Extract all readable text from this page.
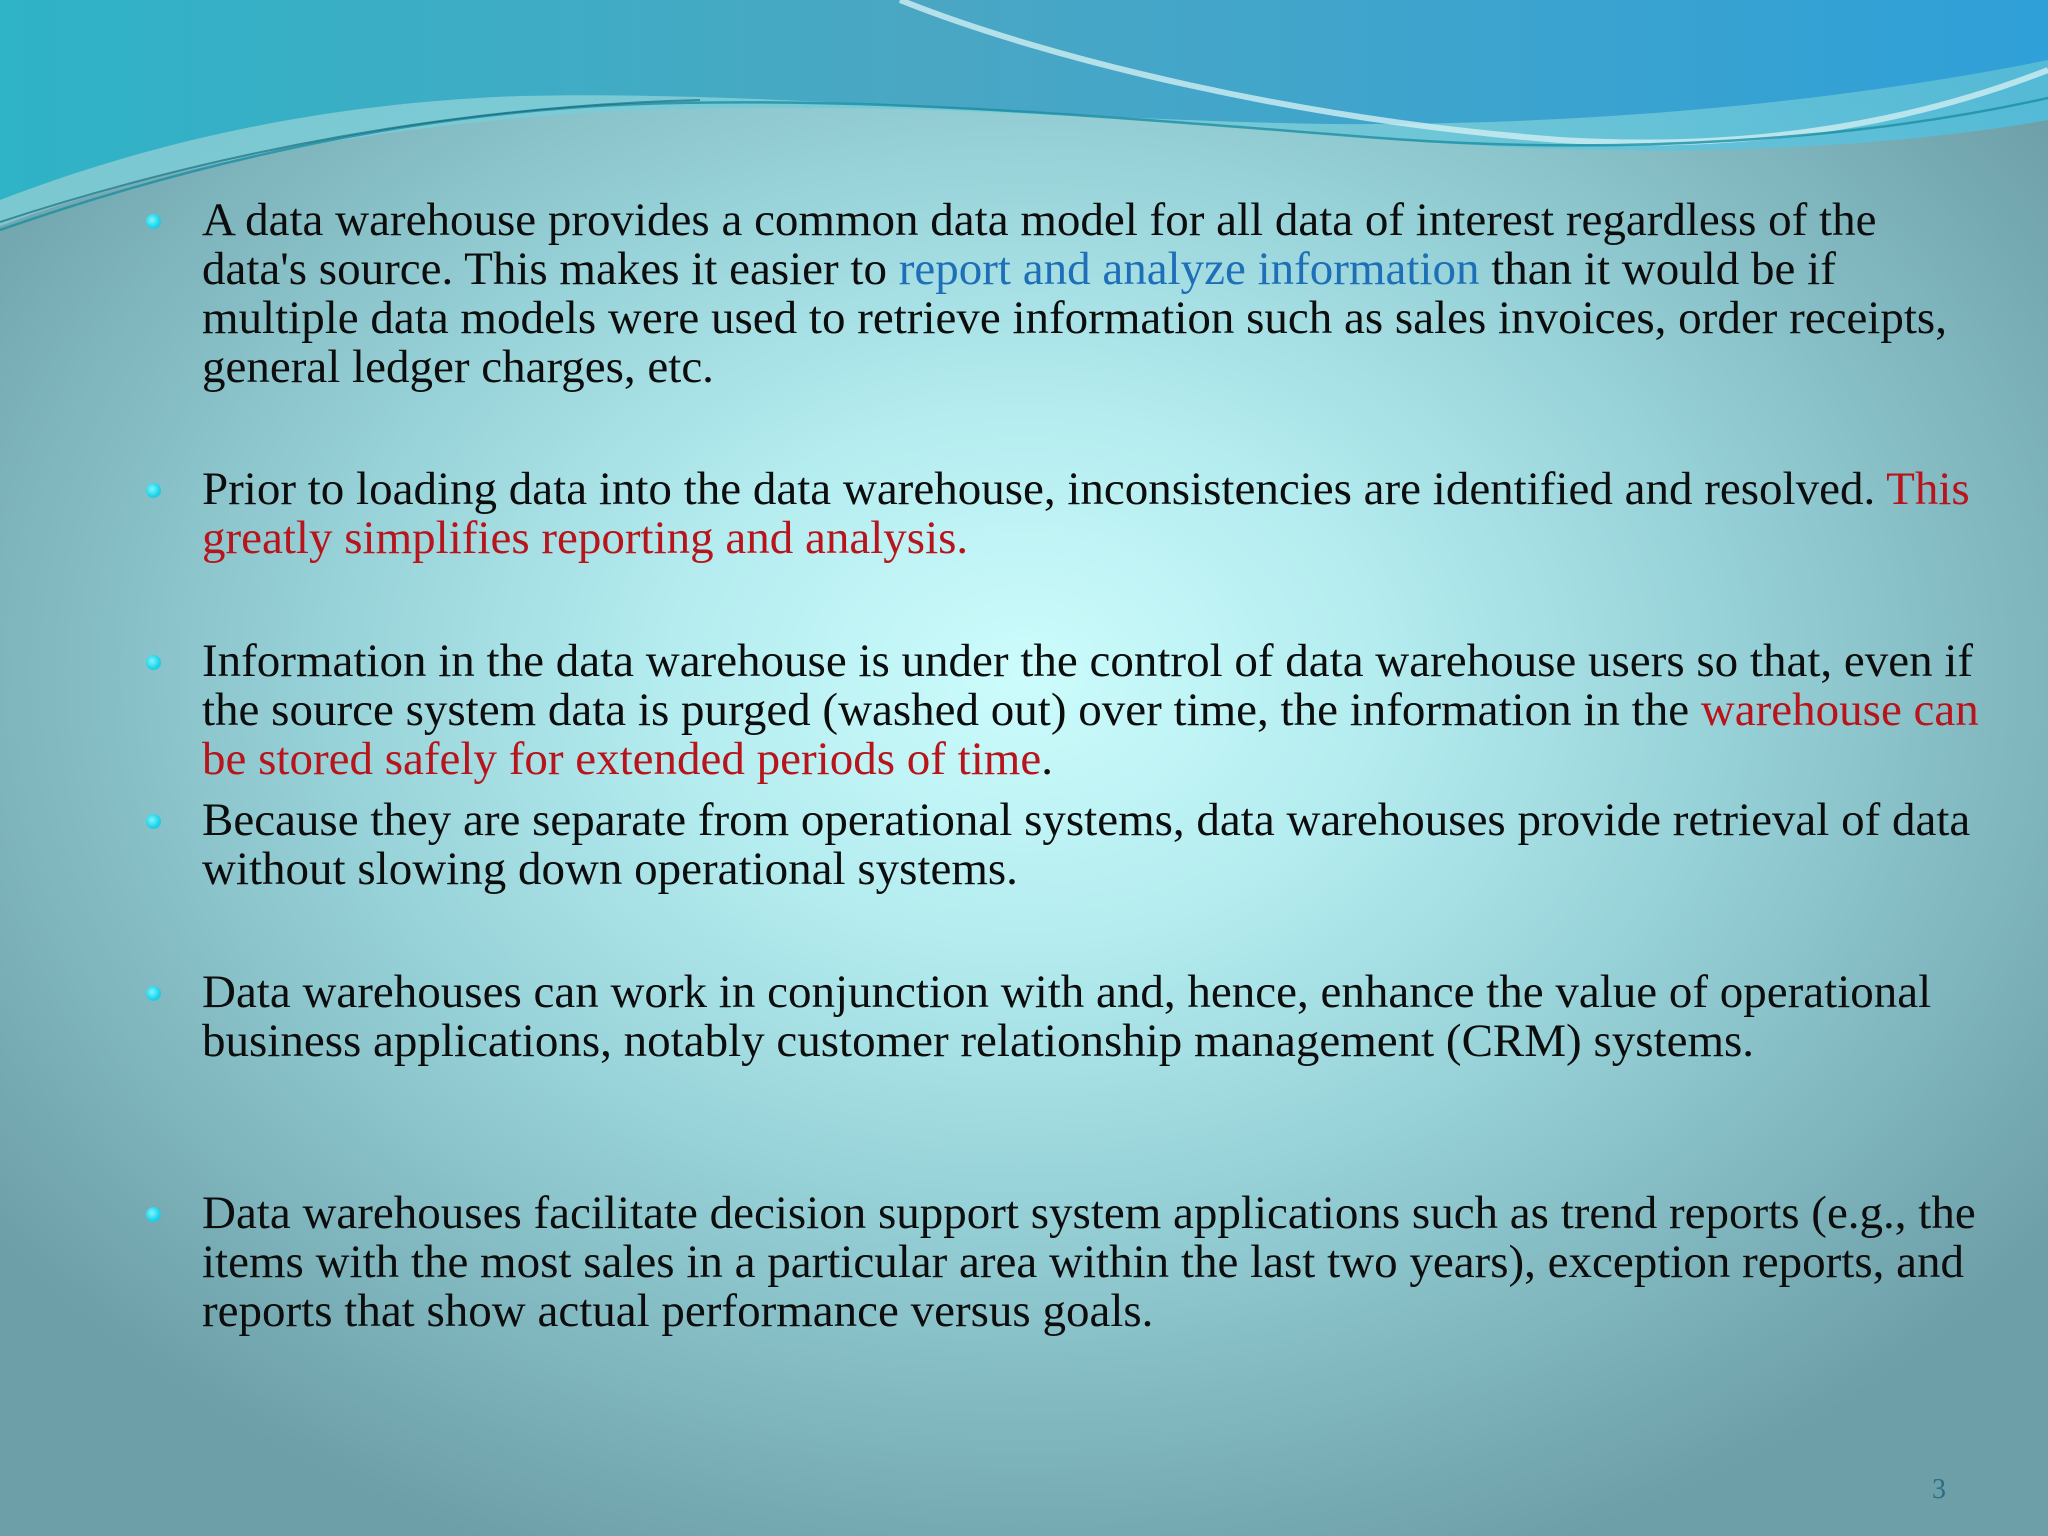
A data warehouse provides a common data model for all data of interest regardless of the data's source. This makes it easier to report and analyze information than it would be if multiple data models were used to retrieve information such as sales invoices, order receipts, general ledger charges, etc.
Prior to loading data into the data warehouse, inconsistencies are identified and resolved. This greatly simplifies reporting and analysis.
Information in the data warehouse is under the control of data warehouse users so that, even if the source system data is purged (washed out) over time, the information in the warehouse can be stored safely for extended periods of time.
Because they are separate from operational systems, data warehouses provide retrieval of data without slowing down operational systems.
Data warehouses can work in conjunction with and, hence, enhance the value of operational business applications, notably customer relationship management (CRM) systems.
Data warehouses facilitate decision support system applications such as trend reports (e.g., the items with the most sales in a particular area within the last two years), exception reports, and reports that show actual performance versus goals.
3
